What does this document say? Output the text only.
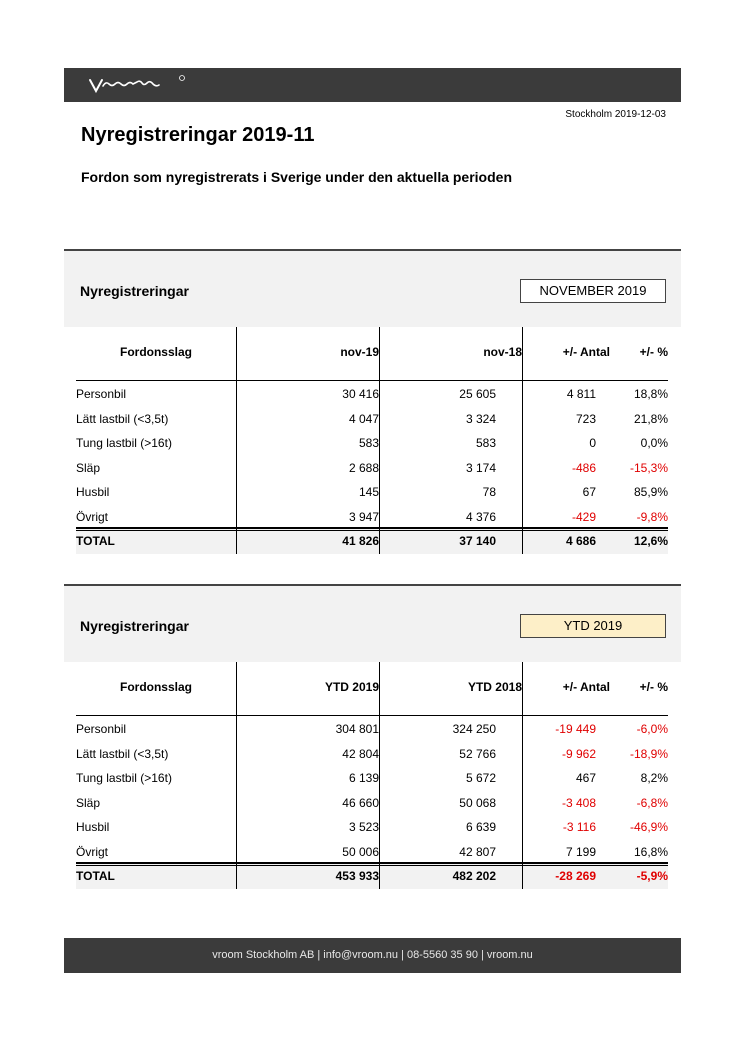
Stockholm 2019-12-03
Nyregistreringar 2019-11
Fordon som nyregistrerats i Sverige under den aktuella perioden
Nyregistreringar	NOVEMBER 2019
Fordonsslag	nov-19	nov-18	+/- Antal	+/- %
Personbil	30 416	25 605	4 811	18,8%
Lätt lastbil (<3,5t)	4 047	3 324	723	21,8%
Tung lastbil (>16t)	583	583	0	0,0%
Släp	2 688	3 174	-486	-15,3%
Husbil	145	78	67	85,9%
Övrigt	3 947	4 376	-429	-9,8%
TOTAL	41 826	37 140	4 686	12,6%
Nyregistreringar	YTD 2019
Fordonsslag	YTD 2019	YTD 2018	+/- Antal	+/- %
Personbil	304 801	324 250	-19 449	-6,0%
Lätt lastbil (<3,5t)	42 804	52 766	-9 962	-18,9%
Tung lastbil (>16t)	6 139	5 672	467	8,2%
Släp	46 660	50 068	-3 408	-6,8%
Husbil	3 523	6 639	-3 116	-46,9%
Övrigt	50 006	42 807	7 199	16,8%
TOTAL	453 933	482 202	-28 269	-5,9%
vroom Stockholm AB | info@vroom.nu | 08-5560 35 90 | vroom.nu
